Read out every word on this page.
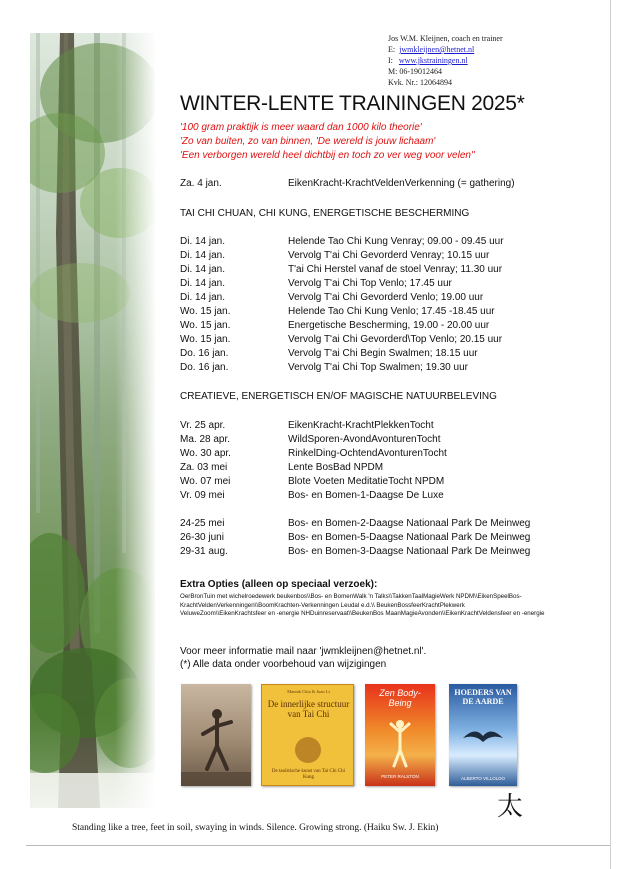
Jos W.M. Kleijnen, coach en trainer
E: jwmkleijnen@hetnet.nl
I: www.jkstrainingen.nl
M: 06-19012464
Kvk. Nr.: 12064894
WINTER-LENTE TRAININGEN 2025*
'100 gram praktijk is meer waard dan 1000 kilo theorie'
'Zo van buiten, zo van binnen, 'De wereld is jouw lichaam'
'Een verborgen wereld heel dichtbij en toch zo ver weg voor velen''
Za. 4 jan.	EikenKracht-KrachtVeldenVerkenning (= gathering)
TAI CHI CHUAN, CHI KUNG, ENERGETISCHE BESCHERMING
Di. 14 jan.	Helende Tao Chi Kung Venray; 09.00 - 09.45 uur
Di. 14 jan.	Vervolg T'ai Chi Gevorderd Venray; 10.15 uur
Di. 14 jan.	T'ai Chi Herstel vanaf de stoel Venray; 11.30 uur
Di. 14 jan.	Vervolg T'ai Chi Top Venlo; 17.45 uur
Di. 14 jan.	Vervolg T'ai Chi Gevorderd Venlo; 19.00 uur
Wo. 15 jan.	Helende Tao Chi Kung Venlo; 17.45 -18.45 uur
Wo. 15 jan.	Energetische Bescherming, 19.00 - 20.00 uur
Wo. 15 jan.	Vervolg T'ai Chi Gevorderd\Top Venlo; 20.15 uur
Do. 16 jan.	Vervolg T'ai Chi Begin Swalmen; 18.15 uur
Do. 16 jan.	Vervolg T'ai Chi Top Swalmen; 19.30 uur
CREATIEVE, ENERGETISCH EN/OF MAGISCHE NATUURBELEVING
Vr. 25 apr.	EikenKracht-KrachtPlekkenTocht
Ma. 28 apr.	WildSporen-AvondAvonturenTocht
Wo. 30 apr.	RinkelDing-OchtendAvonturenTocht
Za. 03 mei	Lente BosBad NPDM
Wo. 07 mei	Blote Voeten MeditatieTocht NPDM
Vr. 09 mei	Bos- en Bomen-1-Daagse De Luxe
24-25 mei	Bos- en Bomen-2-Daagse Nationaal Park De Meinweg
26-30 juni	Bos- en Bomen-5-Daagse Nationaal Park De Meinweg
29-31 aug.	Bos- en Bomen-3-Daagse Nationaal Park De Meinweg
Extra Opties (alleen op speciaal verzoek):
OerBronTuin met wichelroedewerk beukenbos\\Bos- en BomenWalk 'n Talks\\TakkenTaalMagieWerk NPDM\\EikenSpeelBos-KrachtVeldenVerkenningen\\BoomKrachten-Verkenningen Leudal e.d.\\ BeukenBossfeerKrachtPlekwerk VeluweZoom\\EikenKrachtsfeer en -energie NHDuinreservaat\\BeukenBos MaanMagieAvonden\\EikenKrachtVeldensfeer en -energie
Voor meer informatie mail naar 'jwmkleijnen@hetnet.nl'.
(*) Alle data onder voorbehoud van wijzigingen
Mantak Chia & Juan Li
De innerlijke structuur van Tai Chi
De taoïstische kunst van Tai Chi Chi Kung
Zen Body-Being
PETER RALSTON
HOEDERS VAN DE AARDE
ALBERTO VILLOLDO
太
Standing like a tree, feet in soil, swaying in winds. Silence. Growing strong. (Haiku Sw. J. Ekin)
